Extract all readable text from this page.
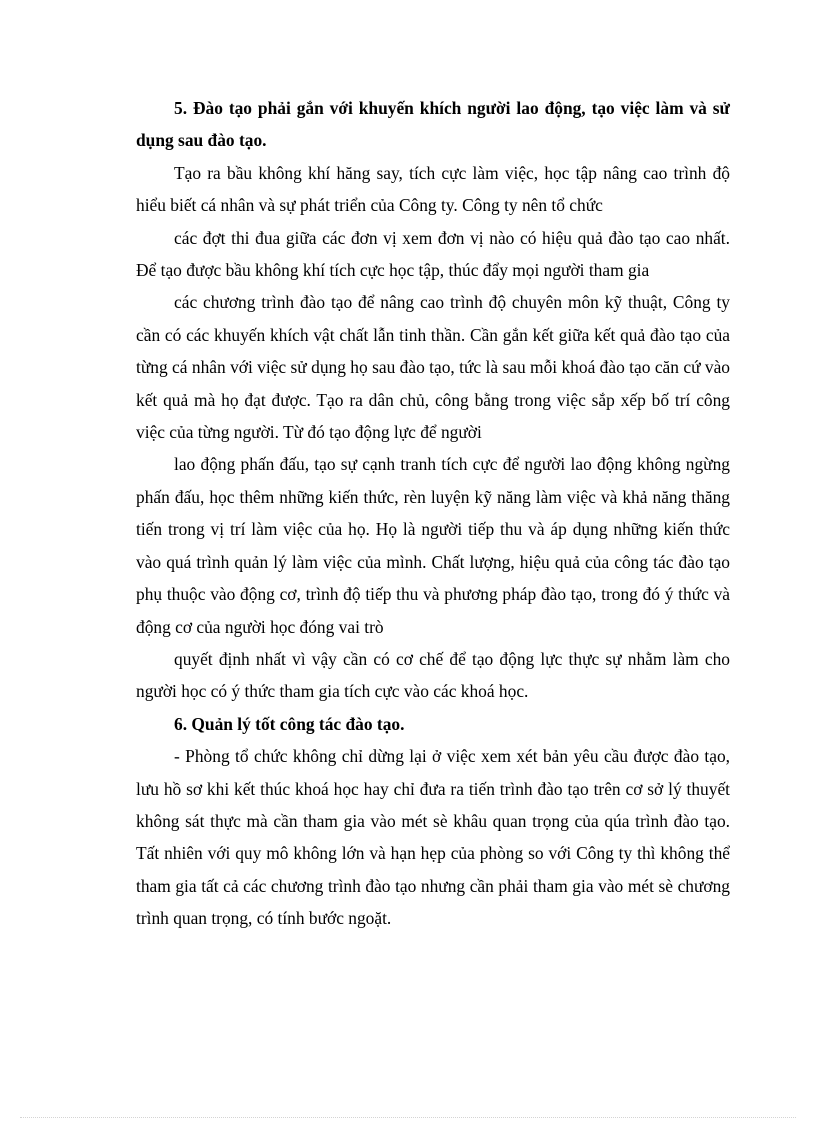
5. Đào tạo phải gắn với khuyến khích người lao động, tạo việc làm và sử dụng sau đào tạo.

Tạo ra bầu không khí hăng say, tích cực làm việc, học tập nâng cao trình độ hiểu biết cá nhân và sự phát triển của Công ty. Công ty nên tổ chức

các đợt thi đua giữa các đơn vị xem đơn vị nào có hiệu quả đào tạo cao nhất. Để tạo được bầu không khí tích cực học tập, thúc đẩy mọi người tham gia

các chương trình đào tạo để nâng cao trình độ chuyên môn kỹ thuật, Công ty cần có các khuyến khích vật chất lẫn tinh thần. Cần gắn kết giữa kết quả đào tạo của từng cá nhân với việc sử dụng họ sau đào tạo, tức là sau mỗi khoá đào tạo căn cứ vào kết quả mà họ đạt được. Tạo ra dân chủ, công bằng trong việc sắp xếp bố trí công việc của từng người. Từ đó tạo động lực để người

lao động phấn đấu, tạo sự cạnh tranh tích cực để người lao động không ngừng phấn đấu, học thêm những kiến thức, rèn luyện kỹ năng làm việc và khả năng thăng tiến trong vị trí làm việc của họ. Họ là người tiếp thu và áp dụng những kiến thức vào quá trình quản lý làm việc của mình. Chất lượng, hiệu quả của công tác đào tạo phụ thuộc vào động cơ, trình độ tiếp thu và phương pháp đào tạo, trong đó ý thức và động cơ của người học đóng vai trò

quyết định nhất vì vậy cần có cơ chế để tạo động lực thực sự nhằm làm cho người học có ý thức tham gia tích cực vào các khoá học.

6. Quản lý tốt công tác đào tạo.

- Phòng tổ chức không chỉ dừng lại ở việc xem xét bản yêu cầu được đào tạo, lưu hồ sơ khi kết thúc khoá học hay chỉ đưa ra tiến trình đào tạo trên cơ sở lý thuyết không sát thực mà cần tham gia vào mét sè khâu quan trọng của qúa trình đào tạo. Tất nhiên với quy mô không lớn và hạn hẹp của phòng so với Công ty thì không thể tham gia tất cả các chương trình đào tạo nhưng cần phải tham gia vào mét sè chương trình quan trọng, có tính bước ngoặt.
